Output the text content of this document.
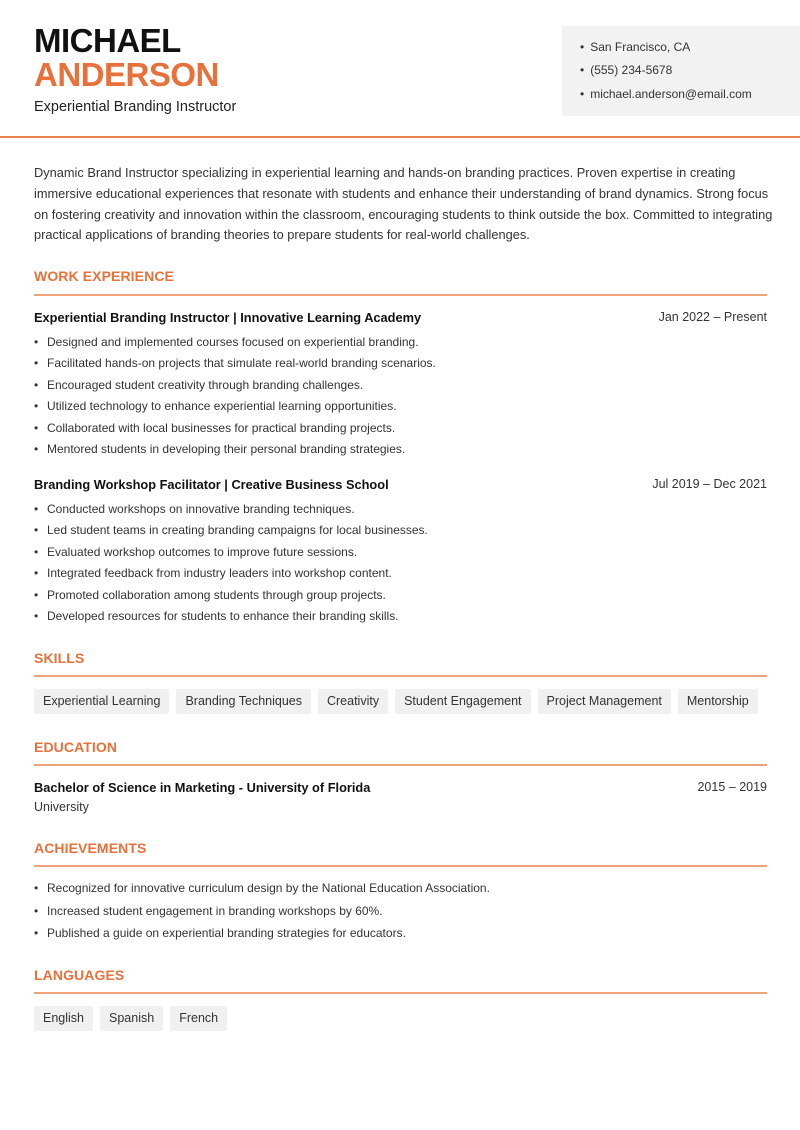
MICHAEL
ANDERSON
Experiential Branding Instructor
• San Francisco, CA
• (555) 234-5678
• michael.anderson@email.com
Dynamic Brand Instructor specializing in experiential learning and hands-on branding practices. Proven expertise in creating immersive educational experiences that resonate with students and enhance their understanding of brand dynamics. Strong focus on fostering creativity and innovation within the classroom, encouraging students to think outside the box. Committed to integrating practical applications of branding theories to prepare students for real-world challenges.
WORK EXPERIENCE
Experiential Branding Instructor | Innovative Learning Academy	Jan 2022 – Present
• Designed and implemented courses focused on experiential branding.
• Facilitated hands-on projects that simulate real-world branding scenarios.
• Encouraged student creativity through branding challenges.
• Utilized technology to enhance experiential learning opportunities.
• Collaborated with local businesses for practical branding projects.
• Mentored students in developing their personal branding strategies.
Branding Workshop Facilitator | Creative Business School	Jul 2019 – Dec 2021
• Conducted workshops on innovative branding techniques.
• Led student teams in creating branding campaigns for local businesses.
• Evaluated workshop outcomes to improve future sessions.
• Integrated feedback from industry leaders into workshop content.
• Promoted collaboration among students through group projects.
• Developed resources for students to enhance their branding skills.
SKILLS
Experiential Learning	Branding Techniques	Creativity	Student Engagement	Project Management	Mentorship
EDUCATION
Bachelor of Science in Marketing - University of Florida	2015 – 2019
University
ACHIEVEMENTS
• Recognized for innovative curriculum design by the National Education Association.
• Increased student engagement in branding workshops by 60%.
• Published a guide on experiential branding strategies for educators.
LANGUAGES
English	Spanish	French
